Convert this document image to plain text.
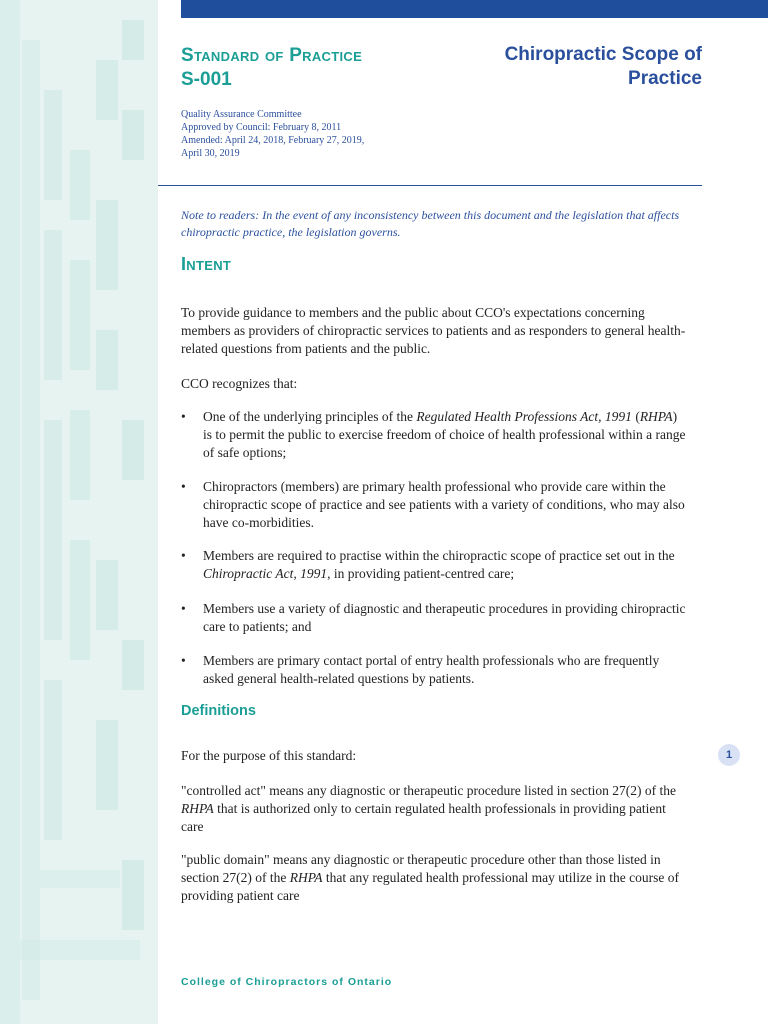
Standard of Practice
S-001
Chiropractic Scope of Practice
Quality Assurance Committee
Approved by Council: February 8, 2011
Amended: April 24, 2018, February 27, 2019,
April 30, 2019
Note to readers: In the event of any inconsistency between this document and the legislation that affects chiropractic practice, the legislation governs.
Intent
To provide guidance to members and the public about CCO's expectations concerning members as providers of chiropractic services to patients and as responders to general health-related questions from patients and the public.
CCO recognizes that:
• One of the underlying principles of the Regulated Health Professions Act, 1991 (RHPA) is to permit the public to exercise freedom of choice of health professional within a range of safe options;
• Chiropractors (members) are primary health professional who provide care within the chiropractic scope of practice and see patients with a variety of conditions, who may also have co-morbidities.
• Members are required to practise within the chiropractic scope of practice set out in the Chiropractic Act, 1991, in providing patient-centred care;
• Members use a variety of diagnostic and therapeutic procedures in providing chiropractic care to patients; and
• Members are primary contact portal of entry health professionals who are frequently asked general health-related questions by patients.
Definitions
For the purpose of this standard:
"controlled act" means any diagnostic or therapeutic procedure listed in section 27(2) of the RHPA that is authorized only to certain regulated health professionals in providing patient care
"public domain" means any diagnostic or therapeutic procedure other than those listed in section 27(2) of the RHPA that any regulated health professional may utilize in the course of providing patient care
1
College of Chiropractors of Ontario
